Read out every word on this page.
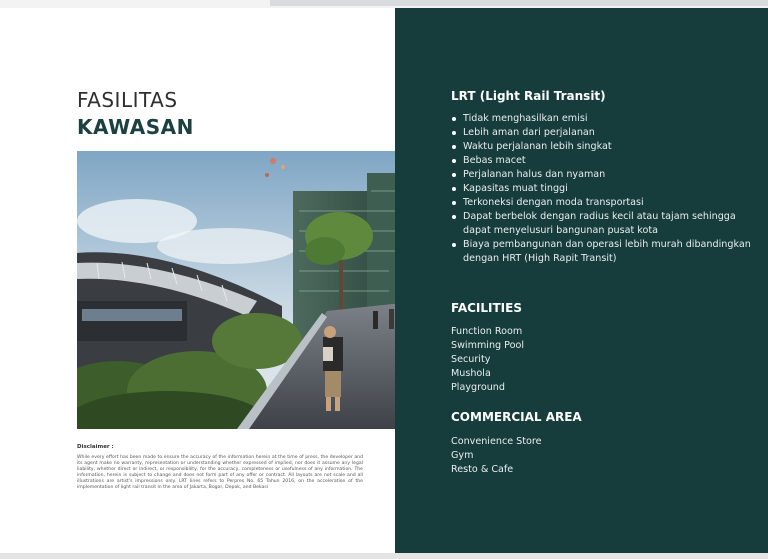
FASILITAS
KAWASAN
Disclaimer :
While every effort has been made to ensure the accuracy of the information herein at the time of press, the developer and its agent make no warranty, representation or understanding whether expressed of implied, nor does it assume any legal liability, whether direct or indirect, or responsibility, for the accuracy, completeness or usefulness of any information. The information, herein is subject to change and does not form part of any offer or contract. All layouts are not scale and all illustrations are artist's impressions only. LRT lines refers to Perpres No. 65 Tahun 2016, on the acceleration of the implementation of light rail transit in the area of Jakarta, Bogor, Depok, and Bekasi
LRT (Light Rail Transit)
Tidak menghasilkan emisi
Lebih aman dari perjalanan
Waktu perjalanan lebih singkat
Bebas macet
Perjalanan halus dan nyaman
Kapasitas muat tinggi
Terkoneksi dengan moda transportasi
Dapat berbelok dengan radius kecil atau tajam sehingga dapat menyelusuri bangunan pusat kota
Biaya pembangunan dan operasi lebih murah dibandingkan dengan HRT (High Rapit Transit)
FACILITIES
Function Room
Swimming Pool
Security
Mushola
Playground
COMMERCIAL AREA
Convenience Store
Gym
Resto & Cafe
